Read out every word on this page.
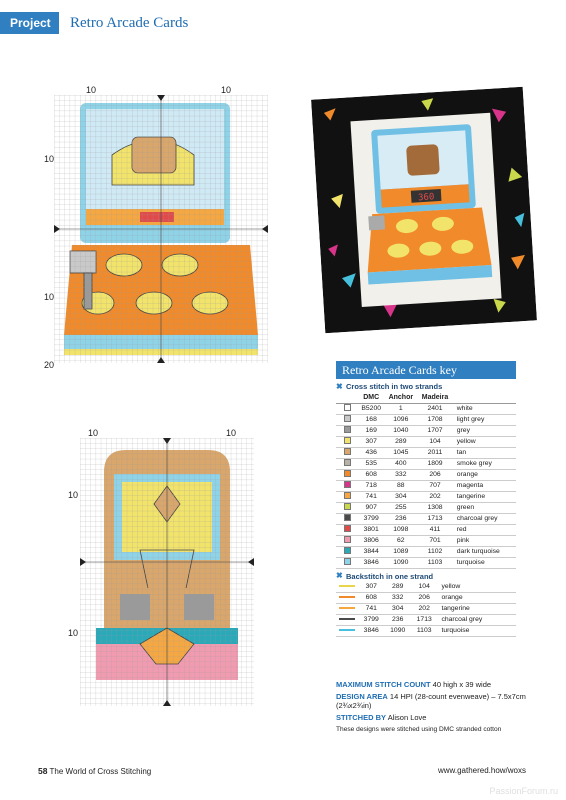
Project	Retro Arcade Cards
10	10
10
10
20
360
10	10
10
10
Retro Arcade Cards key
✖ Cross stitch in two strands
	DMC	Anchor	Madeira	
	B5200	1	2401	white
	168	1096	1708	light grey
	169	1040	1707	grey
	307	289	104	yellow
	436	1045	2011	tan
	535	400	1809	smoke grey
	608	332	206	orange
	718	88	707	magenta
	741	304	202	tangerine
	907	255	1308	green
	3799	236	1713	charcoal grey
	3801	1098	411	red
	3806	62	701	pink
	3844	1089	1102	dark turquoise
	3846	1090	1103	turquoise
✖ Backstitch in one strand
	307	289	104	yellow
	608	332	206	orange
	741	304	202	tangerine
	3799	236	1713	charcoal grey
	3846	1090	1103	turquoise

MAXIMUM STITCH COUNT 40 high x 39 wide

DESIGN AREA 14 HPI (28-count evenweave) – 7.5x7cm (2¾x2¾in)

STITCHED BY Alison Love

These designs were stitched using DMC stranded cotton

58 The World of Cross Stitching	www.gathered.how/woxs
PassionForum.ru
